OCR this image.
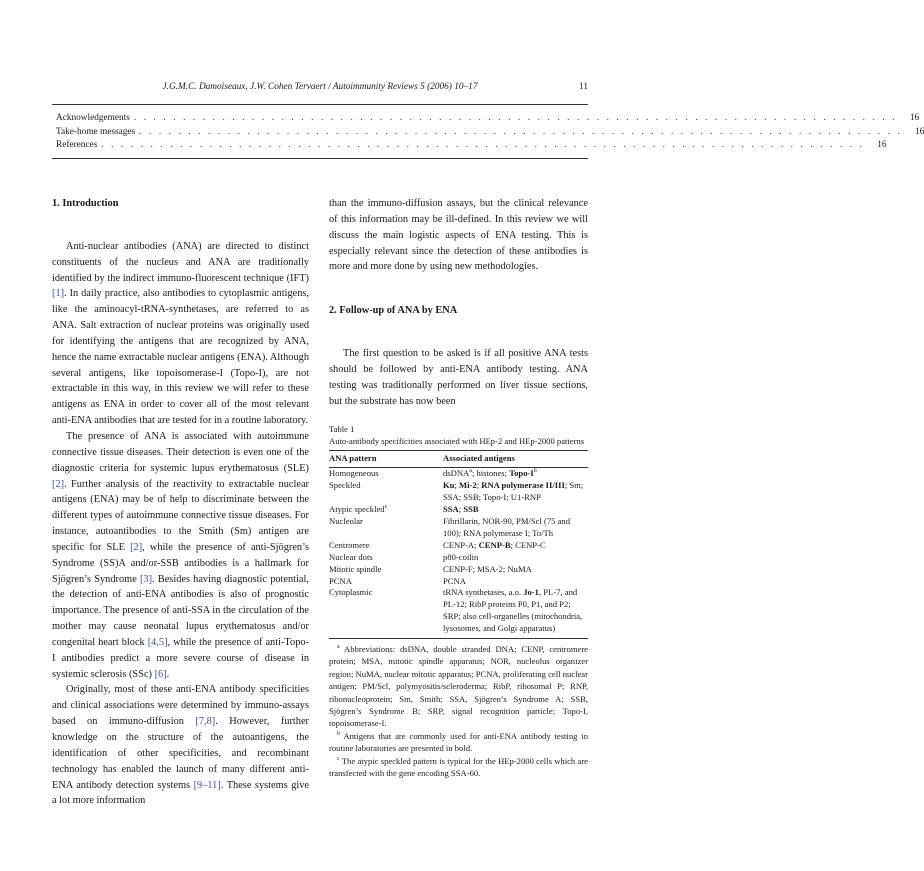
J.G.M.C. Damoiseaux, J.W. Cohen Tervaert / Autoimmunity Reviews 5 (2006) 10–17	11
Acknowledgements . . . . . . . . . . . . . . . . . . . . . . . . . . . . . . . . . . . . . . . . . . . . . . . . . . . . . . . . . . . . . . . . . . . . . . . . . . . . . .	16
Take-home messages . . . . . . . . . . . . . . . . . . . . . . . . . . . . . . . . . . . . . . . . . . . . . . . . . . . . . . . . . . . . . . . . . . . . . . . . . . . . . .	16
References . . . . . . . . . . . . . . . . . . . . . . . . . . . . . . . . . . . . . . . . . . . . . . . . . . . . . . . . . . . . . . . . . . . . . . . . . . . . . .	16
1. Introduction

Anti-nuclear antibodies (ANA) are directed to distinct constituents of the nucleus and ANA are traditionally identified by the indirect immuno-fluorescent technique (IFT) [1]. In daily practice, also antibodies to cytoplasmic antigens, like the aminoacyl-tRNA-synthetases, are referred to as ANA. Salt extraction of nuclear proteins was originally used for identifying the antigens that are recognized by ANA, hence the name extractable nuclear antigens (ENA). Although several antigens, like topoisomerase-I (Topo-I), are not extractable in this way, in this review we will refer to these antigens as ENA in order to cover all of the most relevant anti-ENA antibodies that are tested for in a routine laboratory.

The presence of ANA is associated with autoimmune connective tissue diseases. Their detection is even one of the diagnostic criteria for systemic lupus erythematosus (SLE) [2]. Further analysis of the reactivity to extractable nuclear antigens (ENA) may be of help to discriminate between the different types of autoimmune connective tissue diseases. For instance, autoantibodies to the Smith (Sm) antigen are specific for SLE [2], while the presence of anti-Sjögren’s Syndrome (SS)A and/or-SSB antibodies is a hallmark for Sjögren’s Syndrome [3]. Besides having diagnostic potential, the detection of anti-ENA antibodies is also of prognostic importance. The presence of anti-SSA in the circulation of the mother may cause neonatal lupus erythematosus and/or congenital heart block [4,5], while the presence of anti-Topo-I antibodies predict a more severe course of disease in systemic sclerosis (SSc) [6].

Originally, most of these anti-ENA antibody specificities and clinical associations were determined by immuno-assays based on immuno-diffusion [7,8]. However, further knowledge on the structure of the autoantigens, the identification of other specificities, and recombinant technology has enabled the launch of many different anti-ENA antibody detection systems [9–11]. These systems give a lot more information

than the immuno-diffusion assays, but the clinical relevance of this information may be ill-defined. In this review we will discuss the main logistic aspects of ENA testing. This is especially relevant since the detection of these antibodies is more and more done by using new methodologies.

2. Follow-up of ANA by ENA

The first question to be asked is if all positive ANA tests should be followed by anti-ENA antibody testing. ANA testing was traditionally performed on liver tissue sections, but the substrate has now been

Table 1
Auto-antibody specificities associated with HEp-2 and HEp-2000 patterns
ANA pattern	Associated antigens
Homogeneous	dsDNA$^a$; histones; Topo-$I^b$
Speckled	Ku; Mi-2; RNA polymerase II/III; Sm; SSA; SSB; Topo-I; U1-RNP
Atypic speckled$^c$	SSA; SSB
Nucleolar	Fibrillarin, NOR-90, PM/Scl (75 and 100); RNA polymerase I; To/Th
Centromere	CENP-A; CENP-B; CENP-C
Nuclear dots	p80-coilin
Mitotic spindle	CENP-F; MSA-2; NuMA
PCNA	PCNA
Cytoplasmic	tRNA synthetases, a.o. Jo-1, PL-7, and PL-12; RibP proteins P0, P1, and P2; SRP; also cell-organelles (mitochondria, lysosomes, and Golgi apparatus)

$^a$ Abbreviations: dsDNA, double stranded DNA; CENP, centromere protein; MSA, mitotic spindle apparatus; NOR, nucleolus organizer region; NuMA, nuclear mitotic apparatus; PCNA, proliferating cell nuclear antigen; PM/Scl, polymyositis/scleroderma; RibP, ribosomal P; RNP, ribonucleoprotein; Sm, Smith; SSA, Sjögren’s Syndrome A; SSB, Sjögren’s Syndrome B; SRP, signal recognition particle; Topo-I, topoisomerase-I.

$^b$ Antigens that are commonly used for anti-ENA antibody testing in routine laboratories are presented in bold.

$^c$ The atypic speckled pattern is typical for the HEp-2000 cells which are transfected with the gene encoding SSA-60.
